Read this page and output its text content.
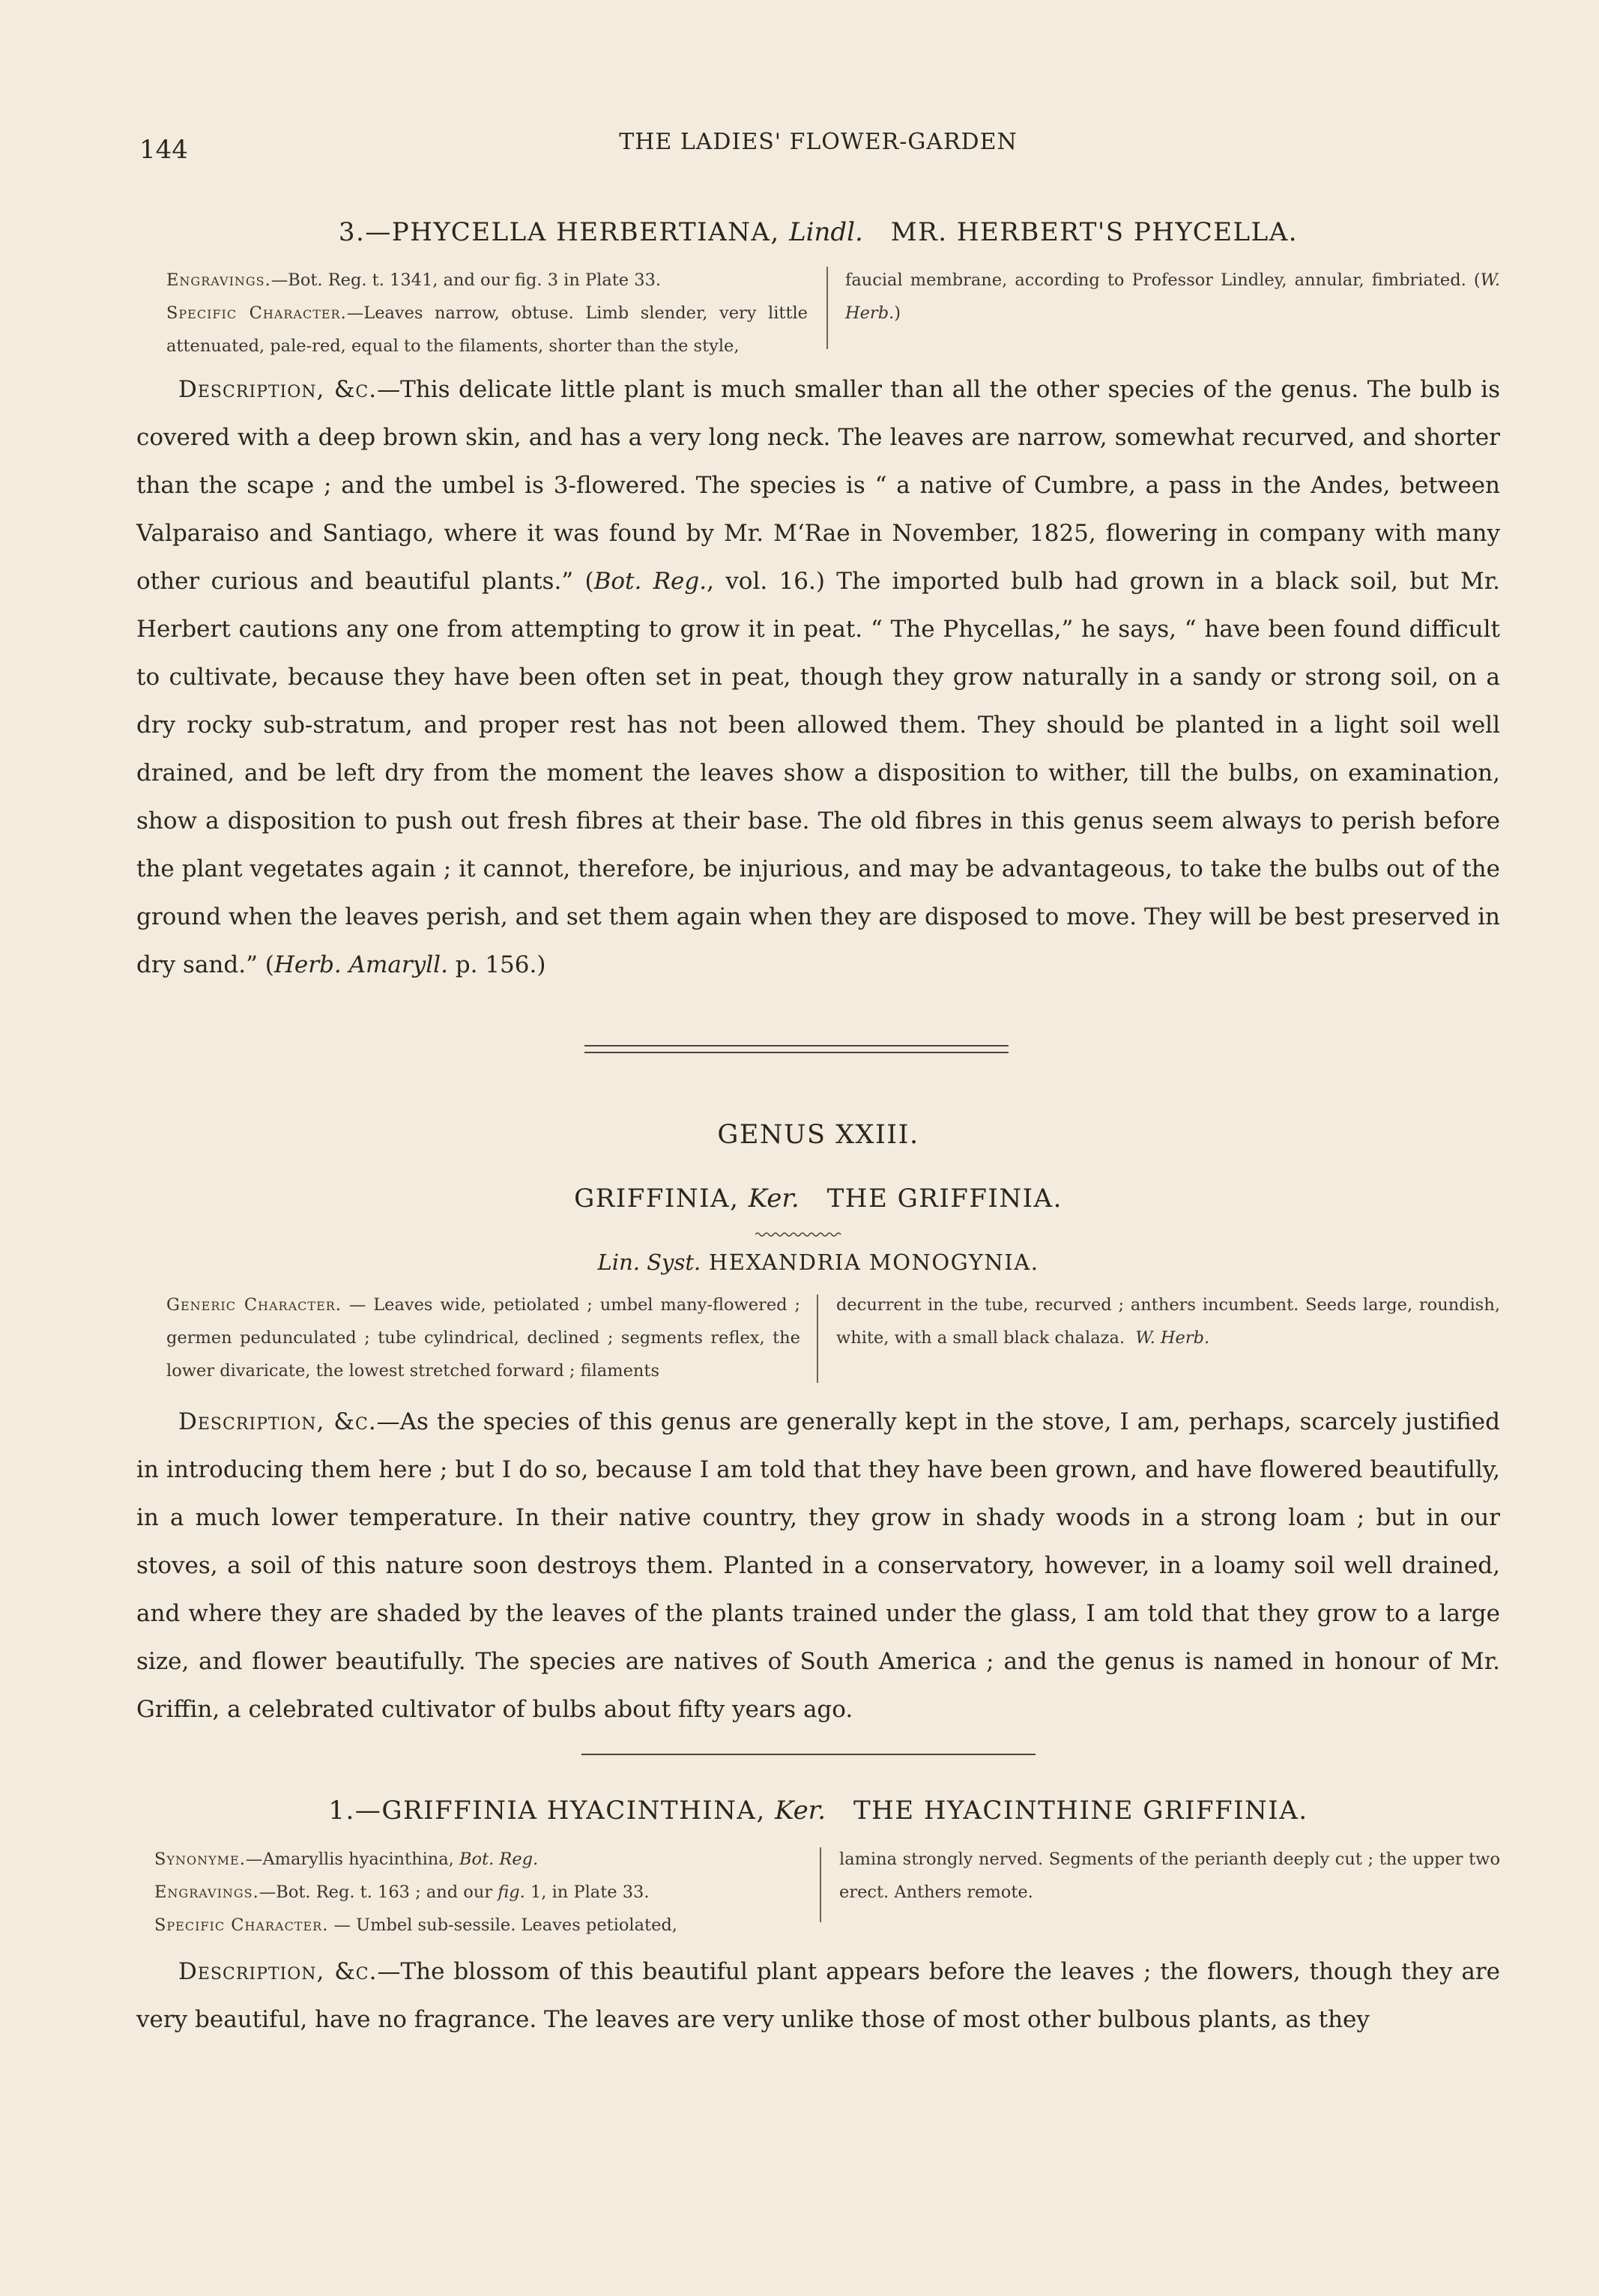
144	THE LADIES' FLOWER-GARDEN
3.—PHYCELLA HERBERTIANA, Lindl. MR. HERBERT'S PHYCELLA.
Engravings.—Bot. Reg. t. 1341, and our fig. 3 in Plate 33.
Specific Character.—Leaves narrow, obtuse. Limb slender, very little attenuated, pale-red, equal to the filaments, shorter than the style,
faucial membrane, according to Professor Lindley, annular, fimbriated. (W. Herb.)
Description, &c.—This delicate little plant is much smaller than all the other species of the genus. The bulb is covered with a deep brown skin, and has a very long neck. The leaves are narrow, somewhat recurved, and shorter than the scape ; and the umbel is 3-flowered. The species is “ a native of Cumbre, a pass in the Andes, between Valparaiso and Santiago, where it was found by Mr. M‘Rae in November, 1825, flowering in company with many other curious and beautiful plants.” (Bot. Reg., vol. 16.) The imported bulb had grown in a black soil, but Mr. Herbert cautions any one from attempting to grow it in peat. “ The Phycellas,” he says, “ have been found difficult to cultivate, because they have been often set in peat, though they grow naturally in a sandy or strong soil, on a dry rocky sub-stratum, and proper rest has not been allowed them. They should be planted in a light soil well drained, and be left dry from the moment the leaves show a disposition to wither, till the bulbs, on examination, show a disposition to push out fresh fibres at their base. The old fibres in this genus seem always to perish before the plant vegetates again ; it cannot, therefore, be injurious, and may be advantageous, to take the bulbs out of the ground when the leaves perish, and set them again when they are disposed to move. They will be best preserved in dry sand.” (Herb. Amaryll. p. 156.)
GENUS XXIII.
GRIFFINIA, Ker. THE GRIFFINIA.
Lin. Syst. HEXANDRIA MONOGYNIA.
Generic Character. — Leaves wide, petiolated ; umbel many-flowered ; germen pedunculated ; tube cylindrical, declined ; segments reflex, the lower divaricate, the lowest stretched forward ; filaments
decurrent in the tube, recurved ; anthers incumbent. Seeds large, roundish, white, with a small black chalaza. W. Herb.
Description, &c.—As the species of this genus are generally kept in the stove, I am, perhaps, scarcely justified in introducing them here ; but I do so, because I am told that they have been grown, and have flowered beautifully, in a much lower temperature. In their native country, they grow in shady woods in a strong loam ; but in our stoves, a soil of this nature soon destroys them. Planted in a conservatory, however, in a loamy soil well drained, and where they are shaded by the leaves of the plants trained under the glass, I am told that they grow to a large size, and flower beautifully. The species are natives of South America ; and the genus is named in honour of Mr. Griffin, a celebrated cultivator of bulbs about fifty years ago.
1.—GRIFFINIA HYACINTHINA, Ker. THE HYACINTHINE GRIFFINIA.
Synonyme.—Amaryllis hyacinthina, Bot. Reg.
Engravings.—Bot. Reg. t. 163 ; and our fig. 1, in Plate 33.
Specific Character. — Umbel sub-sessile. Leaves petiolated,
lamina strongly nerved. Segments of the perianth deeply cut ; the upper two erect. Anthers remote.
Description, &c.—The blossom of this beautiful plant appears before the leaves ; the flowers, though they are very beautiful, have no fragrance. The leaves are very unlike those of most other bulbous plants, as they
